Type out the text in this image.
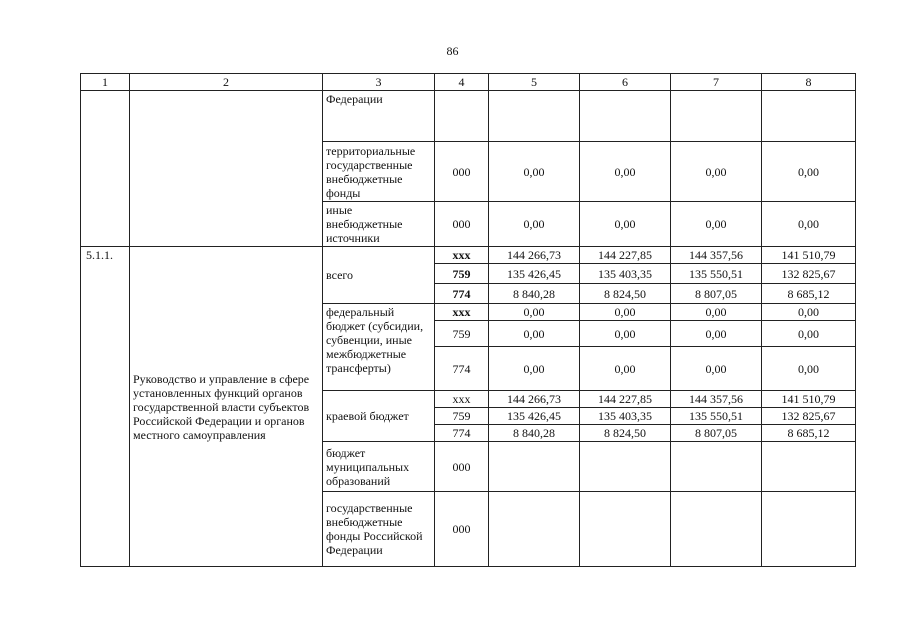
86
1	2	3	4	5	6	7	8
		Федерации					
		территориальные государственные внебюджетные фонды	000	0,00	0,00	0,00	0,00
		иные внебюджетные источники	000	0,00	0,00	0,00	0,00
5.1.1.	Руководство и управление в сфере установленных функций органов государственной власти субъектов Российской Федерации и органов местного самоуправления	всего	ххх	144 266,73	144 227,85	144 357,56	141 510,79
			759	135 426,45	135 403,35	135 550,51	132 825,67
			774	8 840,28	8 824,50	8 807,05	8 685,12
		федеральный бюджет (субсидии, субвенции, иные межбюджетные трансферты)	ххх	0,00	0,00	0,00	0,00
			759	0,00	0,00	0,00	0,00
			774	0,00	0,00	0,00	0,00
		краевой бюджет	ххх	144 266,73	144 227,85	144 357,56	141 510,79
			759	135 426,45	135 403,35	135 550,51	132 825,67
			774	8 840,28	8 824,50	8 807,05	8 685,12
		бюджет муниципальных образований	000				
		государственные внебюджетные фонды Российской Федерации	000				
